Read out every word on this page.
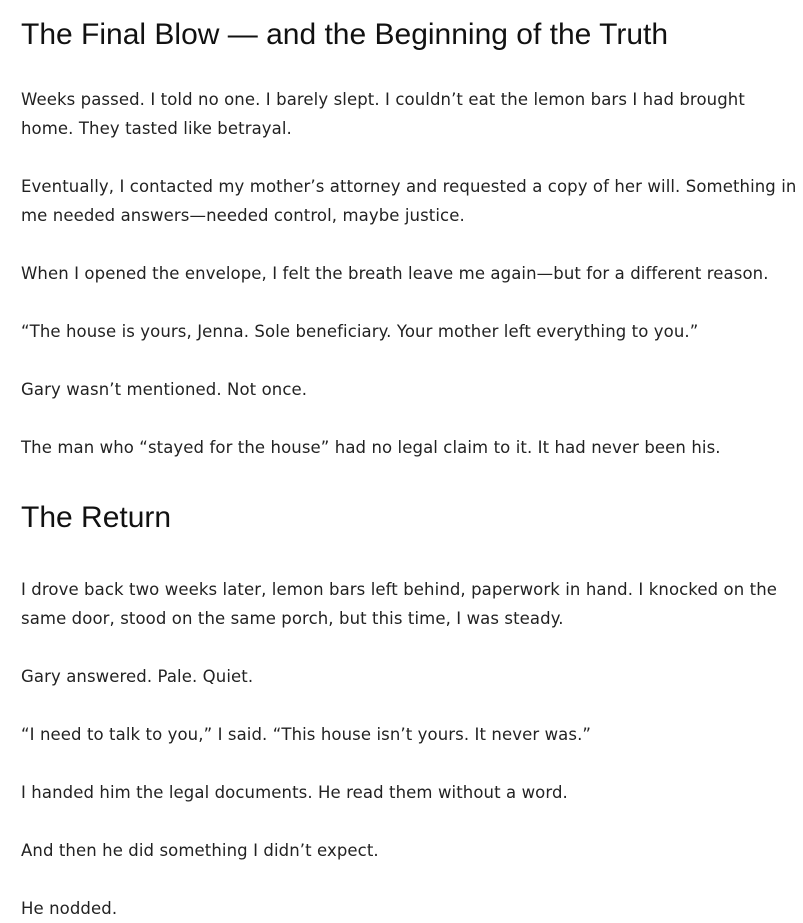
The Final Blow — and the Beginning of the Truth

Weeks passed. I told no one. I barely slept. I couldn’t eat the lemon bars I had brought home. They tasted like betrayal.

Eventually, I contacted my mother’s attorney and requested a copy of her will. Something in me needed answers—needed control, maybe justice.

When I opened the envelope, I felt the breath leave me again—but for a different reason.

“The house is yours, Jenna. Sole beneficiary. Your mother left everything to you.”

Gary wasn’t mentioned. Not once.

The man who “stayed for the house” had no legal claim to it. It had never been his.

The Return

I drove back two weeks later, lemon bars left behind, paperwork in hand. I knocked on the same door, stood on the same porch, but this time, I was steady.

Gary answered. Pale. Quiet.

“I need to talk to you,” I said. “This house isn’t yours. It never was.”

I handed him the legal documents. He read them without a word.

And then he did something I didn’t expect.

He nodded.
